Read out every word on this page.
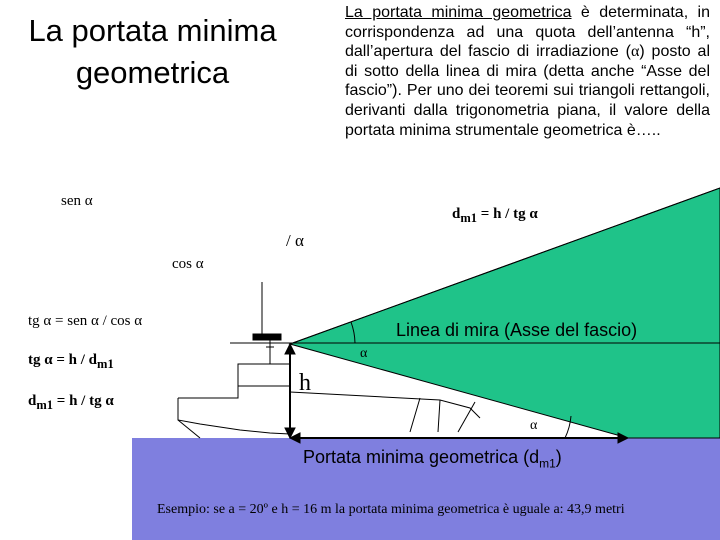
La portata minima
geometrica
La portata minima geometrica è determinata, in corrispondenza ad una quota dell’antenna “h”, dall’apertura del fascio di irradiazione (α) posto al di sotto della linea di mira (detta anche “Asse del fascio”). Per uno dei teoremi sui triangoli rettangoli, derivanti dalla trigonometria piana, il valore della portata minima strumentale geometrica è…..
sen α
cos α
/ α
tg α = sen α / cos α
tg $\alpha = h / d_{m1}$
$d_{m1} = h$ / tg α
$d_{m1} = h$ / tg α
Linea di mira (Asse del fascio)
α
α
h
Portata minima geometrica $(d_{m1})$
Esempio: se a = 20º e h = 16 m la portata minima geometrica è uguale a: 43,9 metri
